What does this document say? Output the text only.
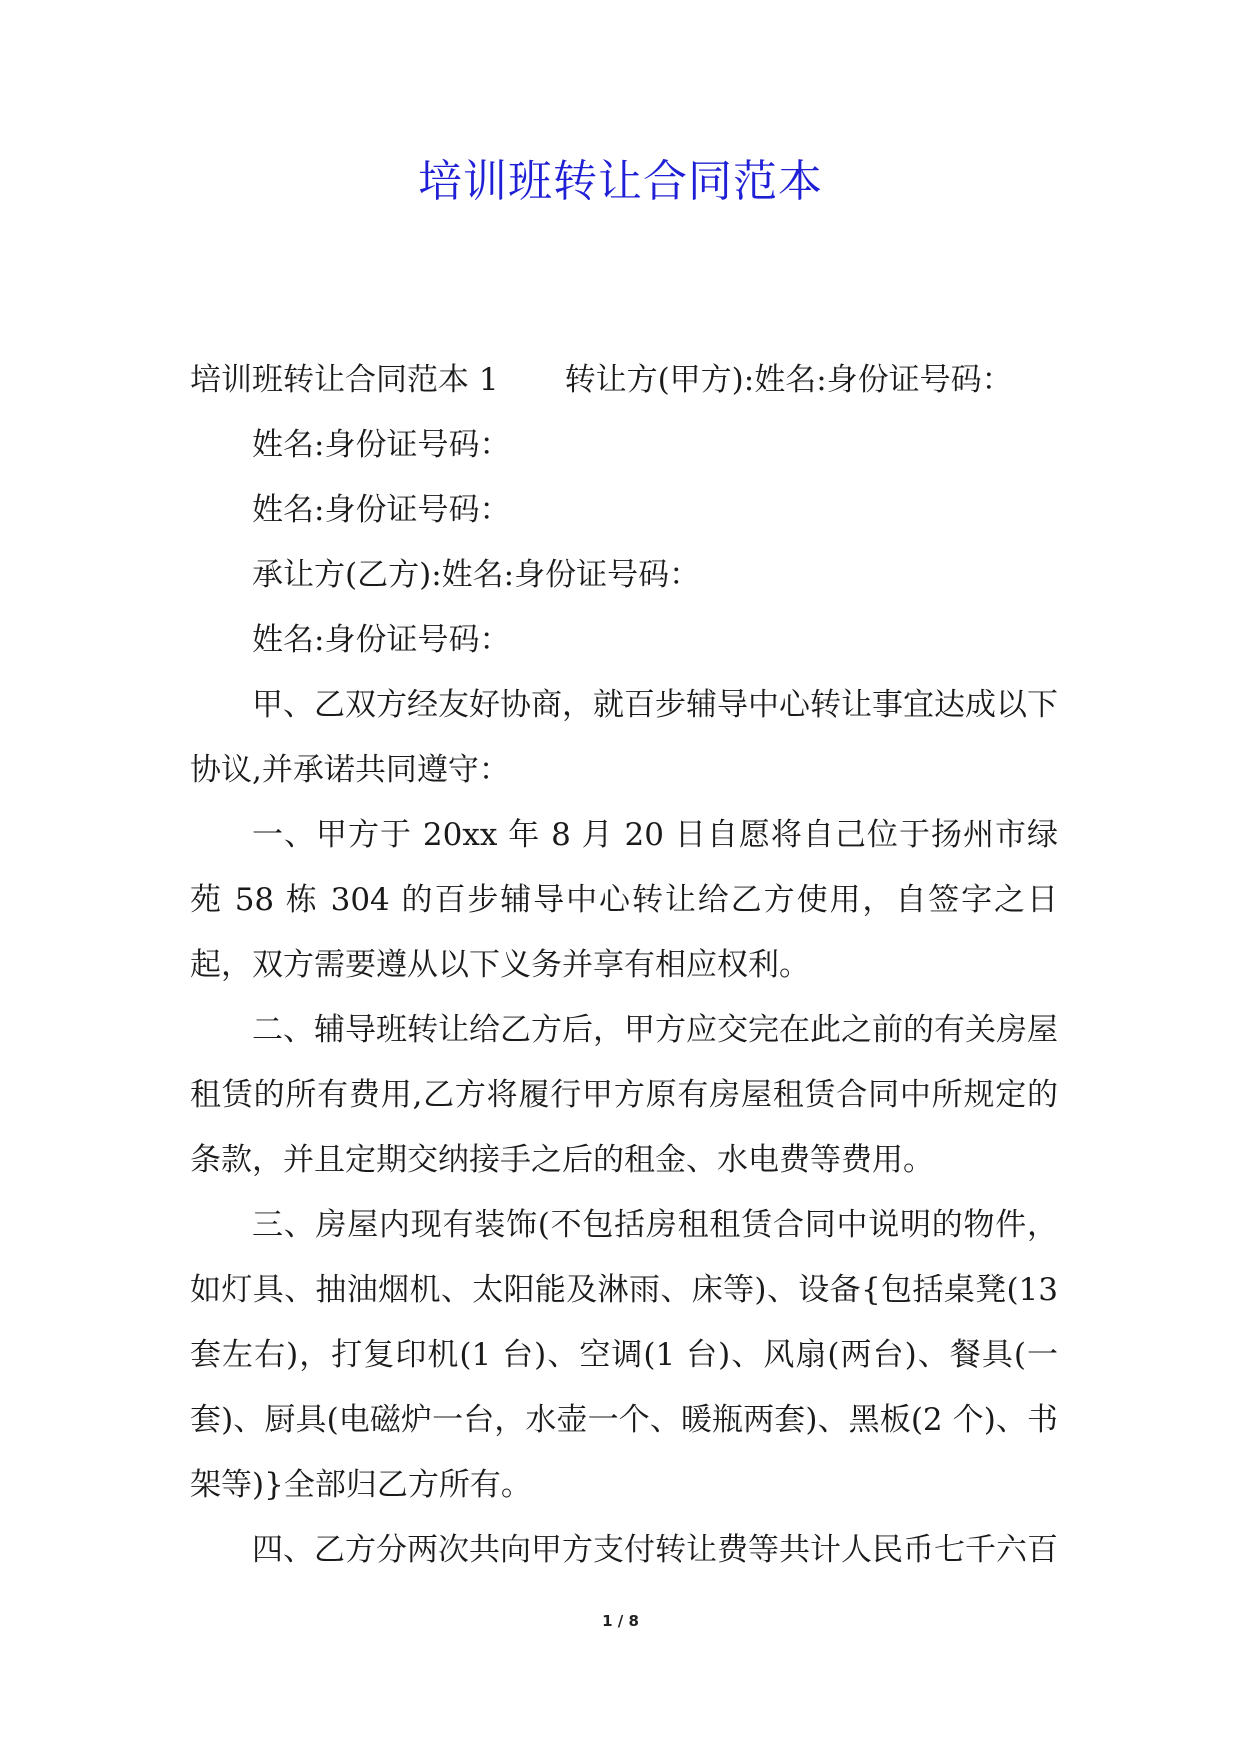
培训班转让合同范本

培训班转让合同范本 1 转让方(甲方):姓名:身份证号码：

姓名:身份证号码：

姓名:身份证号码：

承让方(乙方):姓名:身份证号码：

姓名:身份证号码：

甲、乙双方经友好协商，就百步辅导中心转让事宜达成以下协议,并承诺共同遵守：

一、甲方于 20xx 年 8 月 20 日自愿将自己位于扬州市绿苑 58 栋 304 的百步辅导中心转让给乙方使用，自签字之日起，双方需要遵从以下义务并享有相应权利。

二、辅导班转让给乙方后，甲方应交完在此之前的有关房屋租赁的所有费用,乙方将履行甲方原有房屋租赁合同中所规定的条款，并且定期交纳接手之后的租金、水电费等费用。

三、房屋内现有装饰(不包括房租租赁合同中说明的物件，如灯具、抽油烟机、太阳能及淋雨、床等)、设备{包括桌凳(13 套左右)，打复印机(1 台)、空调(1 台)、风扇(两台)、餐具(一套)、厨具(电磁炉一台，水壶一个、暖瓶两套)、黑板(2 个)、书架等)}全部归乙方所有。

四、乙方分两次共向甲方支付转让费等共计人民币七千六百

1 / 8
